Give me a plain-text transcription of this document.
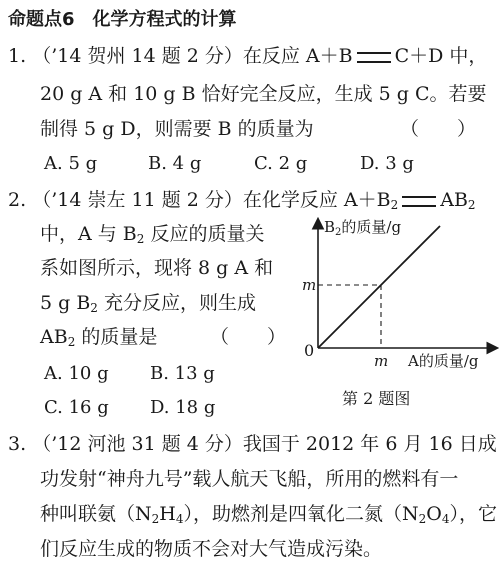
命题点6　化学方程式的计算
1. （’14 贺州 14 题 2 分）在反应 A＋B C＋D 中，
20 g A 和 10 g B 恰好完全反应，生成 5 g C。若要
制得 5 g D，则需要 B 的质量为	（　　）
A. 5 g	B. 4 g	C. 2 g	D. 3 g
2. （’14 崇左 11 题 2 分）在化学反应 $A+B_2$ $AB_2$
中，A 与 $B_2$ 反应的质量关
系如图所示，现将 8 g A 和
5 g $B_2$ 充分反应，则生成
$AB_2$ 的质量是	（　　）
A. 10 g B. 13 g
C. 16 g D. 18 g
$B_2$的质量/g
m
m
0
A的质量/g
第 2 题图
3. （’12 河池 31 题 4 分）我国于 2012 年 6 月 16 日成
功发射“神舟九号”载人航天飞船，所用的燃料有一
种叫联氨$(N_2H_4)$，助燃剂是四氧化二氮$(N_2O_4)$，它
们反应生成的物质不会对大气造成污染。
